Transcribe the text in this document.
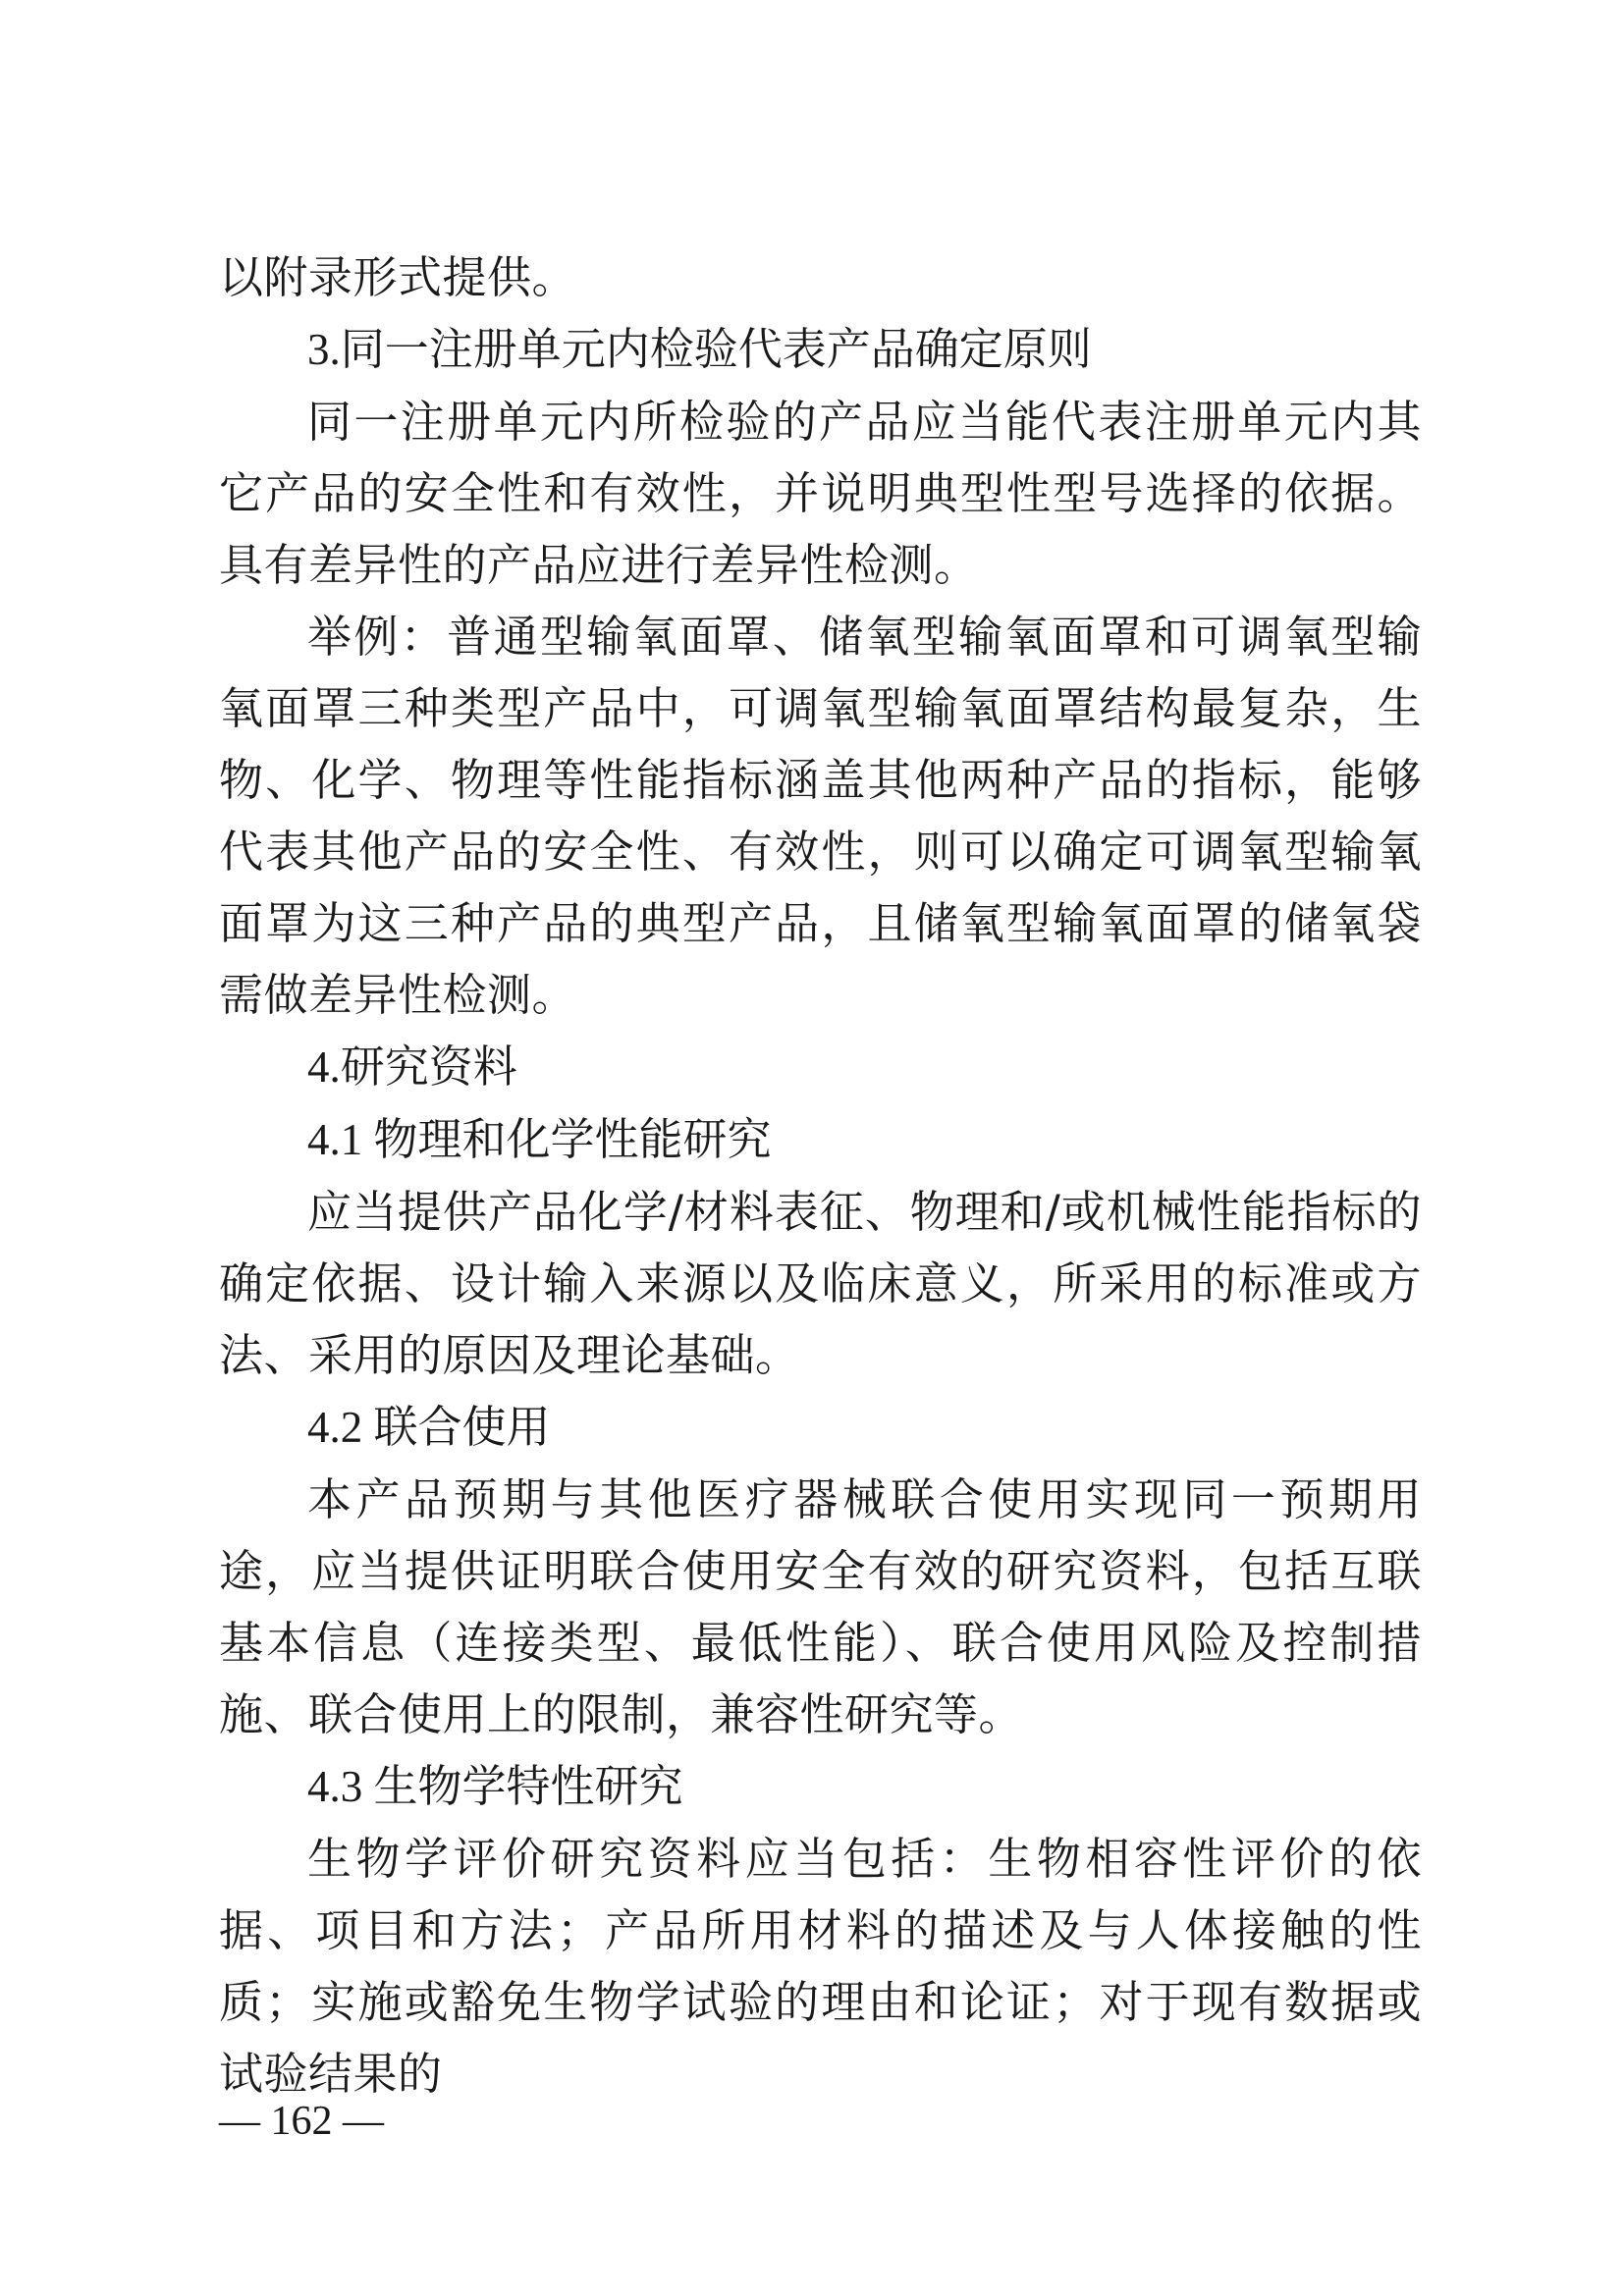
以附录形式提供。

3.同一注册单元内检验代表产品确定原则

同一注册单元内所检验的产品应当能代表注册单元内其它产品的安全性和有效性，并说明典型性型号选择的依据。具有差异性的产品应进行差异性检测。

举例：普通型输氧面罩、储氧型输氧面罩和可调氧型输氧面罩三种类型产品中，可调氧型输氧面罩结构最复杂，生物、化学、物理等性能指标涵盖其他两种产品的指标，能够代表其他产品的安全性、有效性，则可以确定可调氧型输氧面罩为这三种产品的典型产品，且储氧型输氧面罩的储氧袋需做差异性检测。

4.研究资料

4.1 物理和化学性能研究

应当提供产品化学/材料表征、物理和/或机械性能指标的确定依据、设计输入来源以及临床意义，所采用的标准或方法、采用的原因及理论基础。

4.2 联合使用

本产品预期与其他医疗器械联合使用实现同一预期用途，应当提供证明联合使用安全有效的研究资料，包括互联基本信息（连接类型、最低性能）、联合使用风险及控制措施、联合使用上的限制，兼容性研究等。

4.3 生物学特性研究

生物学评价研究资料应当包括：生物相容性评价的依据、项目和方法；产品所用材料的描述及与人体接触的性质；实施或豁免生物学试验的理由和论证；对于现有数据或试验结果的

— 162 —
